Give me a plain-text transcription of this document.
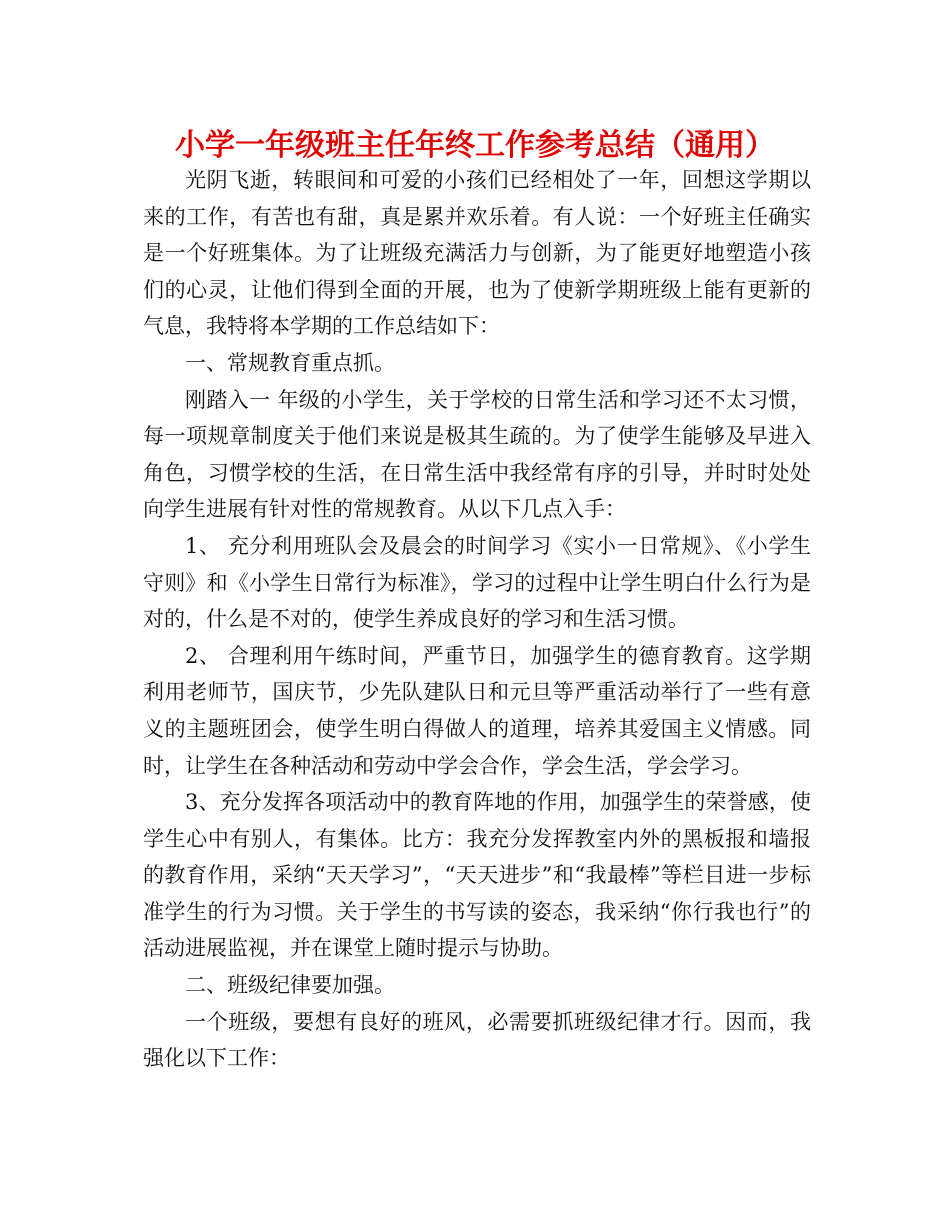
小学一年级班主任年终工作参考总结（通用）

光阴飞逝，转眼间和可爱的小孩们已经相处了一年，回想这学期以来的工作，有苦也有甜，真是累并欢乐着。有人说：一个好班主任确实是一个好班集体。为了让班级充满活力与创新，为了能更好地塑造小孩们的心灵，让他们得到全面的开展，也为了使新学期班级上能有更新的气息，我特将本学期的工作总结如下：

一、常规教育重点抓。

刚踏入一 年级的小学生，关于学校的日常生活和学习还不太习惯，每一项规章制度关于他们来说是极其生疏的。为了使学生能够及早进入角色，习惯学校的生活，在日常生活中我经常有序的引导，并时时处处向学生进展有针对性的常规教育。从以下几点入手：

1、 充分利用班队会及晨会的时间学习《实小一日常规》、《小学生守则》和《小学生日常行为标准》，学习的过程中让学生明白什么行为是对的，什么是不对的，使学生养成良好的学习和生活习惯。

2、 合理利用午练时间，严重节日，加强学生的德育教育。这学期利用老师节，国庆节，少先队建队日和元旦等严重活动举行了一些有意义的主题班团会，使学生明白得做人的道理，培养其爱国主义情感。同时，让学生在各种活动和劳动中学会合作，学会生活，学会学习。

3、充分发挥各项活动中的教育阵地的作用，加强学生的荣誉感，使学生心中有别人，有集体。比方：我充分发挥教室内外的黑板报和墙报的教育作用，采纳“天天学习”，“天天进步”和“我最棒”等栏目进一步标准学生的行为习惯。关于学生的书写读的姿态，我采纳“你行我也行”的活动进展监视，并在课堂上随时提示与协助。

二、班级纪律要加强。

一个班级，要想有良好的班风，必需要抓班级纪律才行。因而，我强化以下工作：
